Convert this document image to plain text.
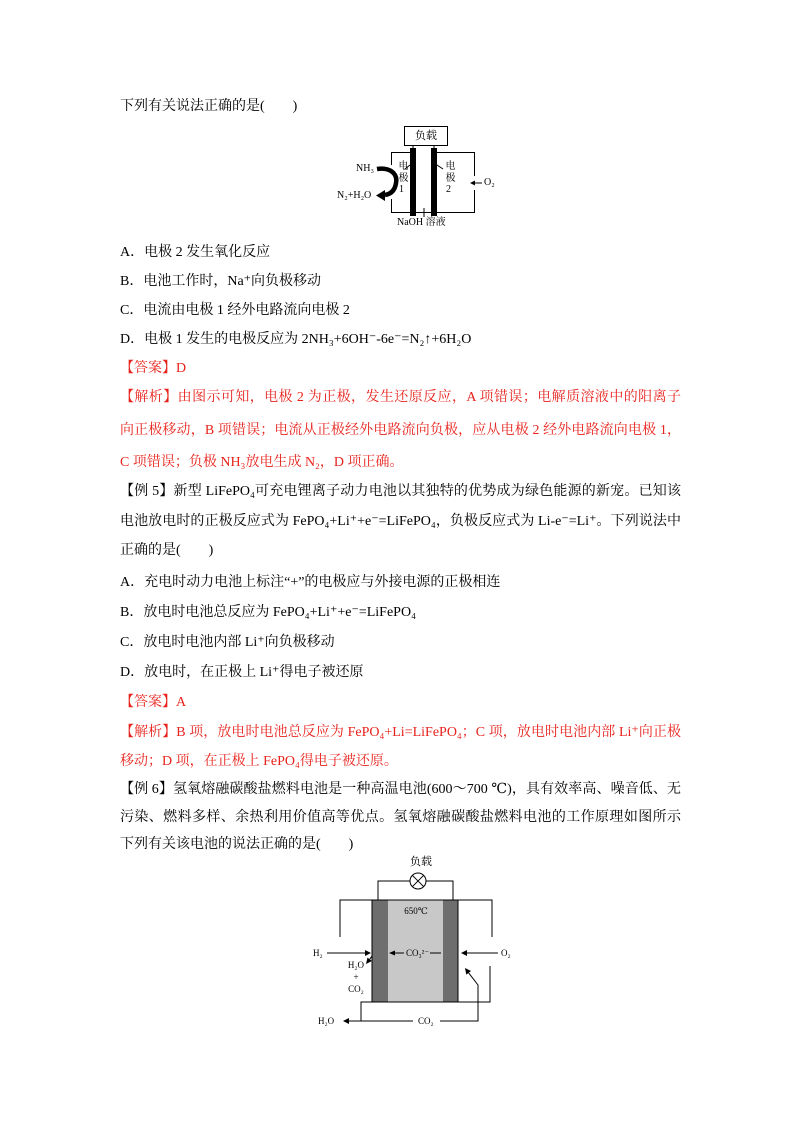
下列有关说法正确的是(　　)
负载
NH₃
N₂+H₂O 电极1	电极2	O₂
NaOH 溶液
A．电极 2 发生氧化反应
B．电池工作时，Na⁺向负极移动
C．电流由电极 1 经外电路流向电极 2
D．电极 1 发生的电极反应为 2NH₃+6OH⁻-6e⁻=N₂↑+6H₂O
【答案】D
【解析】由图示可知，电极 2 为正极，发生还原反应，A 项错误；电解质溶液中的阳离子
向正极移动，B 项错误；电流从正极经外电路流向负极，应从电极 2 经外电路流向电极 1，
C 项错误；负极 NH₃放电生成 N₂，D 项正确。
【例 5】新型 LiFePO₄可充电锂离子动力电池以其独特的优势成为绿色能源的新宠。已知该
电池放电时的正极反应式为 FePO₄+Li⁺+e⁻=LiFePO₄，负极反应式为 Li-e⁻=Li⁺。下列说法中
正确的是(　　)
A．充电时动力电池上标注“+”的电极应与外接电源的正极相连
B．放电时电池总反应为 FePO₄+Li⁺+e⁻=LiFePO₄
C．放电时电池内部 Li⁺向负极移动
D．放电时，在正极上 Li⁺得电子被还原
【答案】A
【解析】B 项，放电时电池总反应为 FePO₄+Li=LiFePO₄；C 项，放电时电池内部 Li⁺向正极
移动；D 项，在正极上 FePO₄得电子被还原。
【例 6】氢氧熔融碳酸盐燃料电池是一种高温电池(600～700 ℃)，具有效率高、噪音低、无
污染、燃料多样、余热利用价值高等优点。氢氧熔融碳酸盐燃料电池的工作原理如图所示
下列有关该电池的说法正确的是(　　)
负载
650℃
H₂	O₂
CO₃²⁻
H₂O
+
CO₂
H₂O	CO₂
